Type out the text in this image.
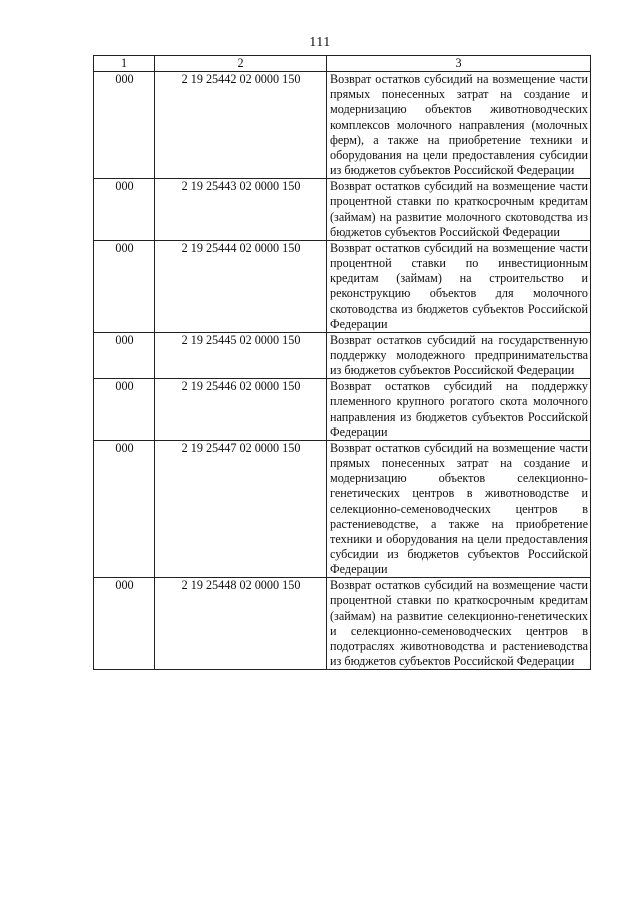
111
1	2	3
000	2 19 25442 02 0000 150	Возврат остатков субсидий на возмещение части прямых понесенных затрат на создание и модернизацию объектов животноводческих комплексов молочного направления (молочных ферм), а также на приобретение техники и оборудования на цели предоставления субсидии из бюджетов субъектов Российской Федерации
000	2 19 25443 02 0000 150	Возврат остатков субсидий на возмещение части процентной ставки по краткосрочным кредитам (займам) на развитие молочного скотоводства из бюджетов субъектов Российской Федерации
000	2 19 25444 02 0000 150	Возврат остатков субсидий на возмещение части процентной ставки по инвестиционным кредитам (займам) на строительство и реконструкцию объектов для молочного скотоводства из бюджетов субъектов Российской Федерации
000	2 19 25445 02 0000 150	Возврат остатков субсидий на государственную поддержку молодежного предпринимательства из бюджетов субъектов Российской Федерации
000	2 19 25446 02 0000 150	Возврат остатков субсидий на поддержку племенного крупного рогатого скота молочного направления из бюджетов субъектов Российской Федерации
000	2 19 25447 02 0000 150	Возврат остатков субсидий на возмещение части прямых понесенных затрат на создание и модернизацию объектов селекционно-генетических центров в животноводстве и селекционно-семеноводческих центров в растениеводстве, а также на приобретение техники и оборудования на цели предоставления субсидии из бюджетов субъектов Российской Федерации
000	2 19 25448 02 0000 150	Возврат остатков субсидий на возмещение части процентной ставки по краткосрочным кредитам (займам) на развитие селекционно-генетических и селекционно-семеноводческих центров в подотраслях животноводства и растениеводства из бюджетов субъектов Российской Федерации
